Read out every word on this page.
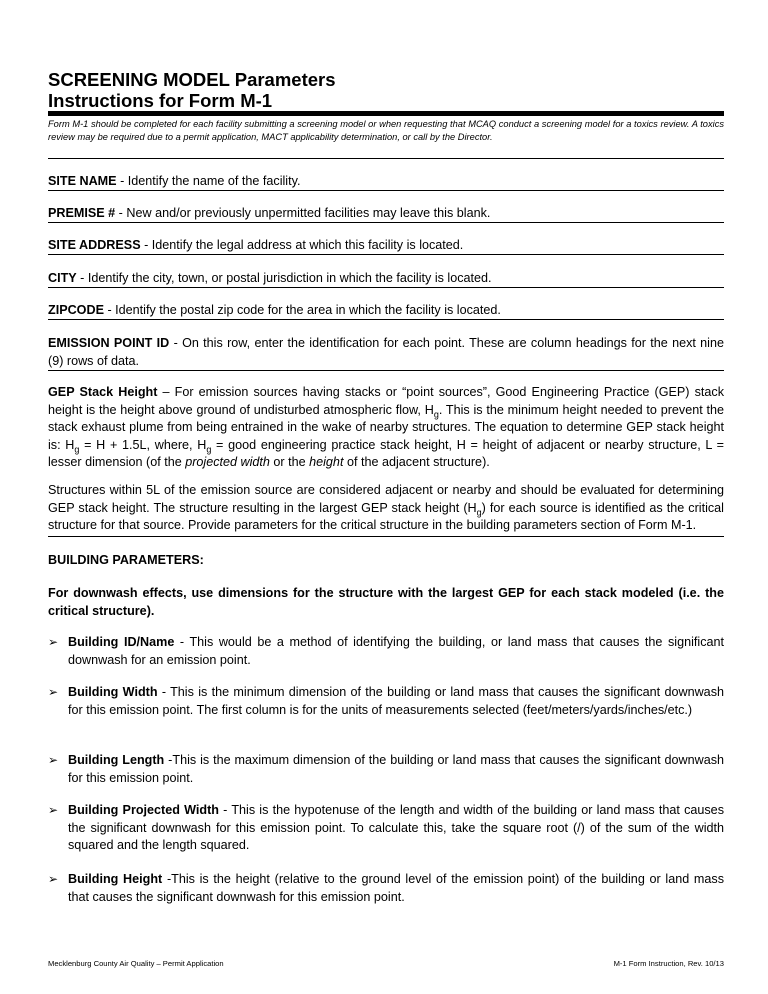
SCREENING MODEL Parameters
Instructions for Form M-1
Form M-1 should be completed for each facility submitting a screening model or when requesting that MCAQ conduct a screening model for a toxics review. A toxics review may be required due to a permit application, MACT applicability determination, or call by the Director.
SITE NAME - Identify the name of the facility.
PREMISE # - New and/or previously unpermitted facilities may leave this blank.
SITE ADDRESS - Identify the legal address at which this facility is located.
CITY - Identify the city, town, or postal jurisdiction in which the facility is located.
ZIPCODE - Identify the postal zip code for the area in which the facility is located.
EMISSION POINT ID - On this row, enter the identification for each point. These are column headings for the next nine (9) rows of data.
GEP Stack Height – For emission sources having stacks or “point sources”, Good Engineering Practice (GEP) stack height is the height above ground of undisturbed atmospheric flow, $H_g$. This is the minimum height needed to prevent the stack exhaust plume from being entrained in the wake of nearby structures. The equation to determine GEP stack height is: $H_g = H + 1.5L$, where, $H_g$ = good engineering practice stack height, H = height of adjacent or nearby structure, L = lesser dimension (of the projected width or the height of the adjacent structure).
Structures within 5L of the emission source are considered adjacent or nearby and should be evaluated for determining GEP stack height. The structure resulting in the largest GEP stack height $(H_g)$ for each source is identified as the critical structure for that source. Provide parameters for the critical structure in the building parameters section of Form M-1.
BUILDING PARAMETERS:
For downwash effects, use dimensions for the structure with the largest GEP for each stack modeled (i.e. the critical structure).
➢ Building ID/Name - This would be a method of identifying the building, or land mass that causes the significant downwash for an emission point.
➢ Building Width - This is the minimum dimension of the building or land mass that causes the significant downwash for this emission point. The first column is for the units of measurements selected (feet/meters/yards/inches/etc.)
➢ Building Length -This is the maximum dimension of the building or land mass that causes the significant downwash for this emission point.
➢ Building Projected Width - This is the hypotenuse of the length and width of the building or land mass that causes the significant downwash for this emission point. To calculate this, take the square root (/) of the sum of the width squared and the length squared.
➢ Building Height -This is the height (relative to the ground level of the emission point) of the building or land mass that causes the significant downwash for this emission point.
Mecklenburg County Air Quality – Permit Application	M-1 Form Instruction, Rev. 10/13
